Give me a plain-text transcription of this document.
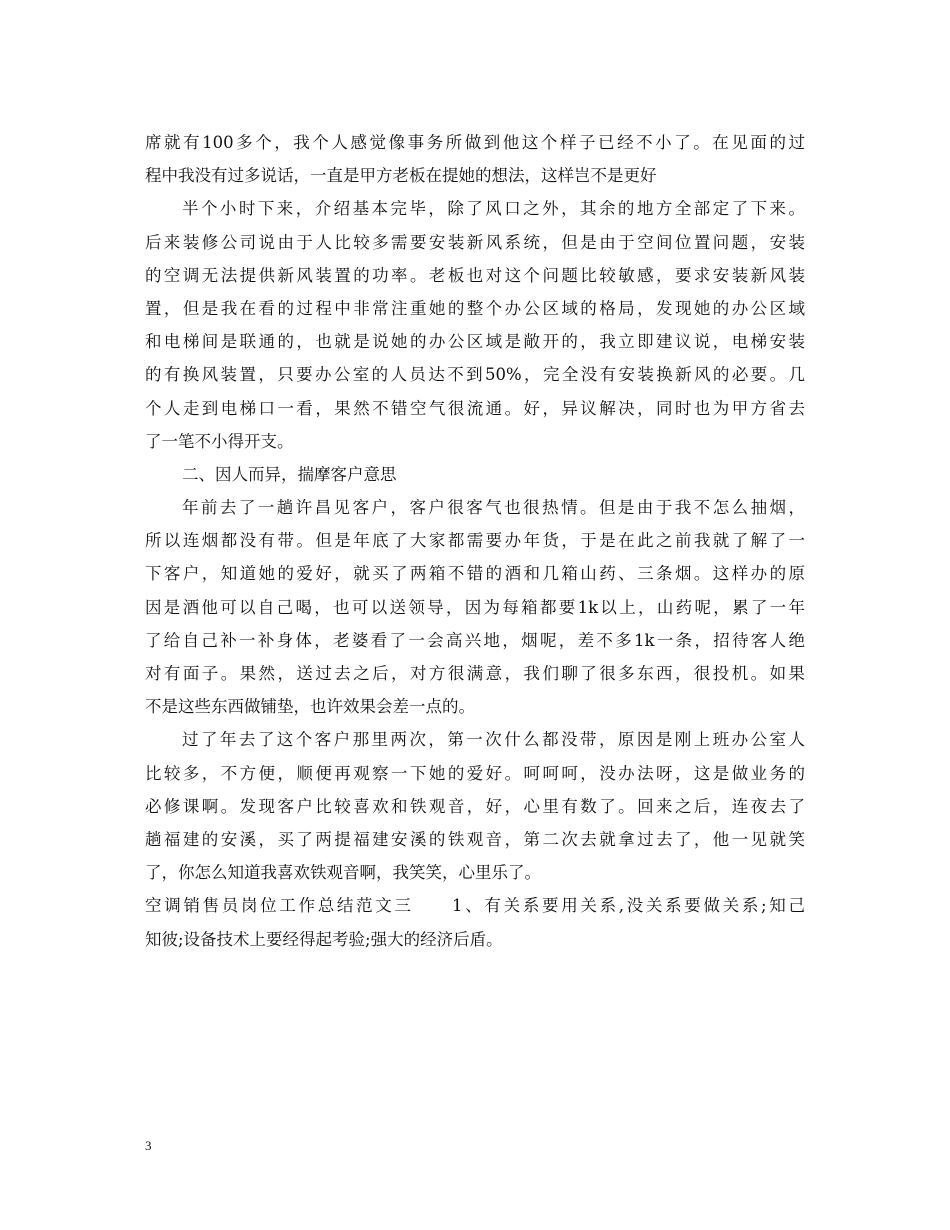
席就有100多个，我个人感觉像事务所做到他这个样子已经不小了。在见面的过
程中我没有过多说话，一直是甲方老板在提她的想法，这样岂不是更好
半个小时下来，介绍基本完毕，除了风口之外，其余的地方全部定了下来。
后来装修公司说由于人比较多需要安装新风系统，但是由于空间位置问题，安装
的空调无法提供新风装置的功率。老板也对这个问题比较敏感，要求安装新风装
置，但是我在看的过程中非常注重她的整个办公区域的格局，发现她的办公区域
和电梯间是联通的，也就是说她的办公区域是敞开的，我立即建议说，电梯安装
的有换风装置，只要办公室的人员达不到50%，完全没有安装换新风的必要。几
个人走到电梯口一看，果然不错空气很流通。好，异议解决，同时也为甲方省去
了一笔不小得开支。
二、因人而异，揣摩客户意思
年前去了一趟许昌见客户，客户很客气也很热情。但是由于我不怎么抽烟，
所以连烟都没有带。但是年底了大家都需要办年货，于是在此之前我就了解了一
下客户，知道她的爱好，就买了两箱不错的酒和几箱山药、三条烟。这样办的原
因是酒他可以自己喝，也可以送领导，因为每箱都要1k以上，山药呢，累了一年
了给自己补一补身体，老婆看了一会高兴地，烟呢，差不多1k一条，招待客人绝
对有面子。果然，送过去之后，对方很满意，我们聊了很多东西，很投机。如果
不是这些东西做铺垫，也许效果会差一点的。
过了年去了这个客户那里两次，第一次什么都没带，原因是刚上班办公室人
比较多，不方便，顺便再观察一下她的爱好。呵呵呵，没办法呀，这是做业务的
必修课啊。发现客户比较喜欢和铁观音，好，心里有数了。回来之后，连夜去了
趟福建的安溪，买了两提福建安溪的铁观音，第二次去就拿过去了，他一见就笑
了，你怎么知道我喜欢铁观音啊，我笑笑，心里乐了。
空调销售员岗位工作总结范文三　　1、有关系要用关系,没关系要做关系;知己
知彼;设备技术上要经得起考验;强大的经济后盾。
3
